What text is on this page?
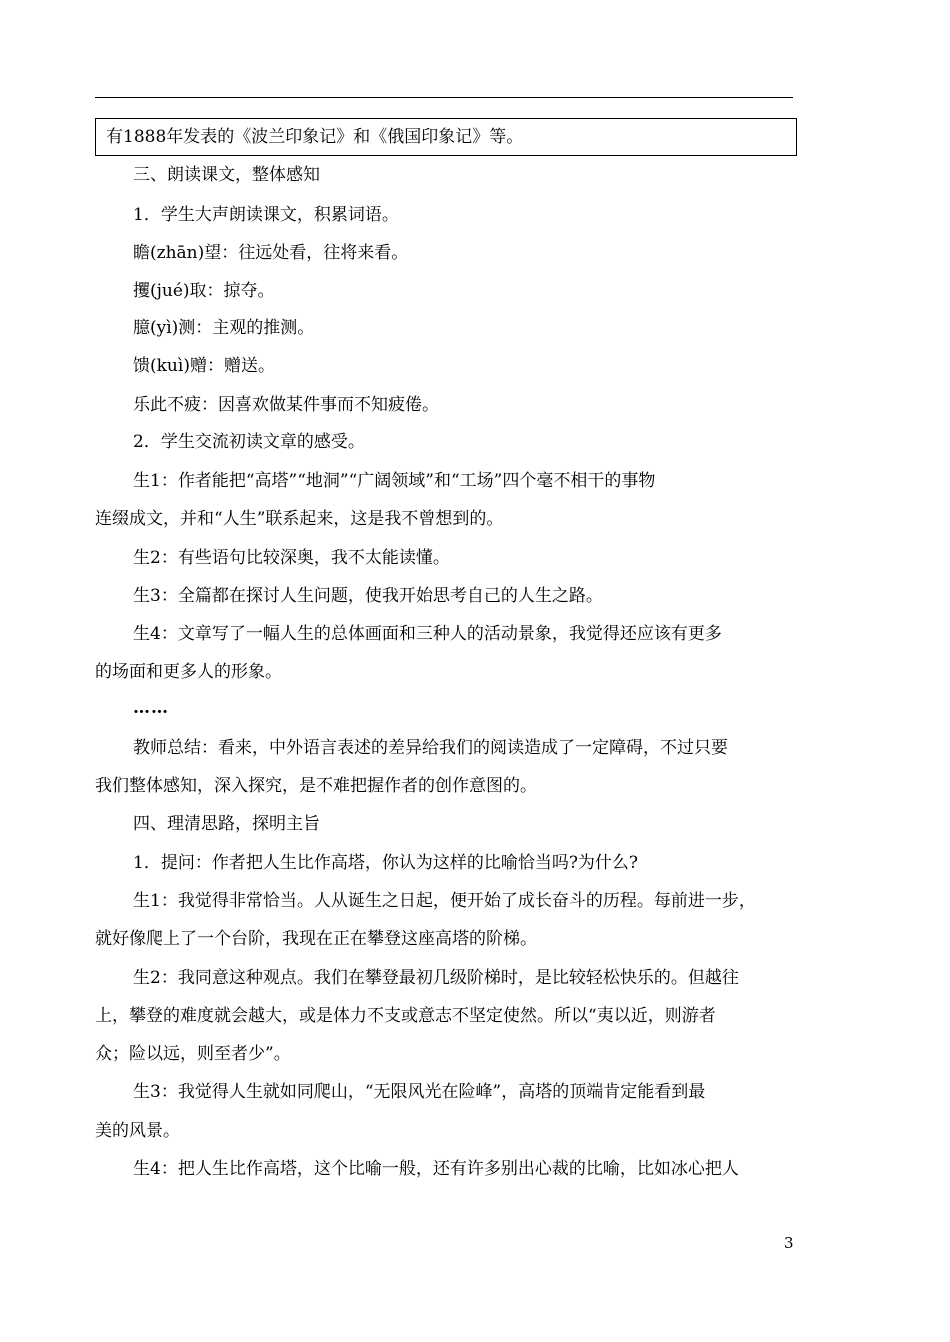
有1888年发表的《波兰印象记》和《俄国印象记》等。
三、朗读课文，整体感知
1．学生大声朗读课文，积累词语。
瞻(zhān)望：往远处看，往将来看。
攫(jué)取：掠夺。
臆(yì)测：主观的推测。
馈(kuì)赠：赠送。
乐此不疲：因喜欢做某件事而不知疲倦。
2．学生交流初读文章的感受。
生1：作者能把“高塔”“地洞”“广阔领域”和“工场”四个毫不相干的事物
连缀成文，并和“人生”联系起来，这是我不曾想到的。
生2：有些语句比较深奥，我不太能读懂。
生3：全篇都在探讨人生问题，使我开始思考自己的人生之路。
生4：文章写了一幅人生的总体画面和三种人的活动景象，我觉得还应该有更多
的场面和更多人的形象。
……
教师总结：看来，中外语言表述的差异给我们的阅读造成了一定障碍，不过只要
我们整体感知，深入探究，是不难把握作者的创作意图的。
四、理清思路，探明主旨
1．提问：作者把人生比作高塔，你认为这样的比喻恰当吗?为什么?
生1：我觉得非常恰当。人从诞生之日起，便开始了成长奋斗的历程。每前进一步，
就好像爬上了一个台阶，我现在正在攀登这座高塔的阶梯。
生2：我同意这种观点。我们在攀登最初几级阶梯时，是比较轻松快乐的。但越往
上，攀登的难度就会越大，或是体力不支或意志不坚定使然。所以“夷以近，则游者
众；险以远，则至者少”。
生3：我觉得人生就如同爬山，“无限风光在险峰”，高塔的顶端肯定能看到最
美的风景。
生4：把人生比作高塔，这个比喻一般，还有许多别出心裁的比喻，比如冰心把人
3
